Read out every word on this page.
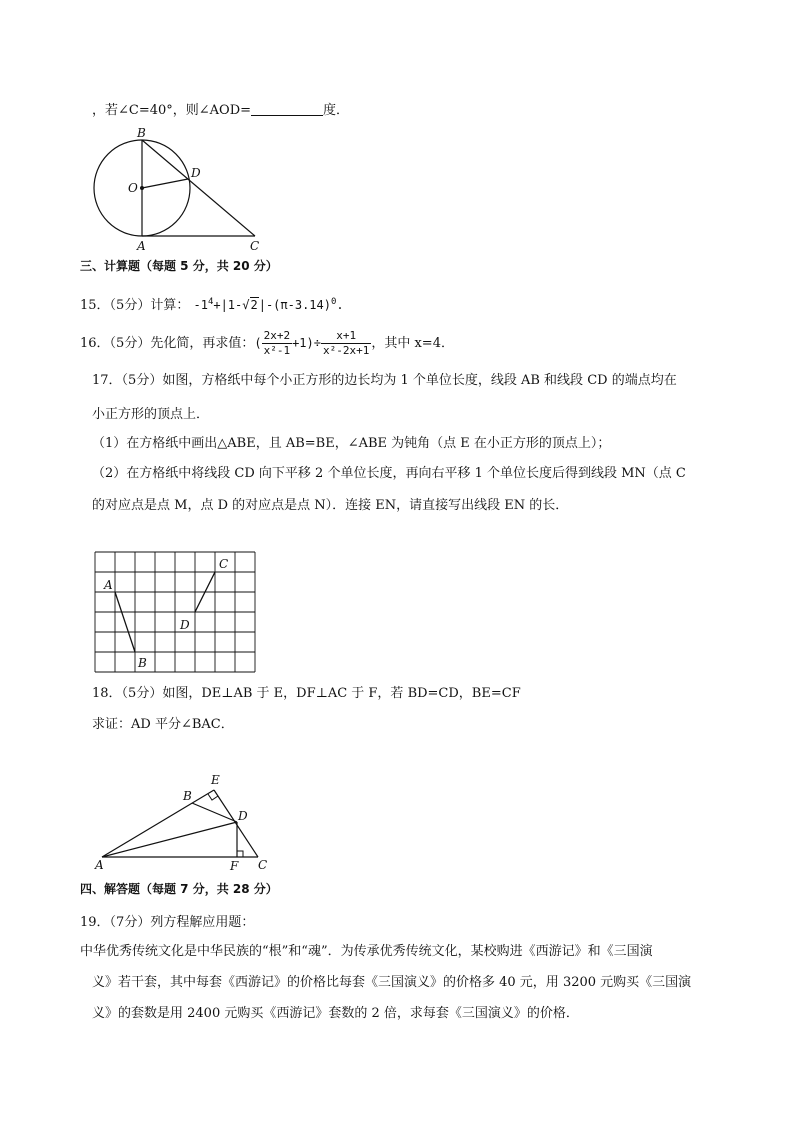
，若∠C=40°，则∠AOD=	度．
B
O
D
A	C
三、计算题（每题 5 分，共 20 分）
15．（5分）计算： $-1^4+|1-√2|-(\pi-3.14)^0$.
16．（5分）先化简，再求值：( $\frac{2x+2}{\text{x²-1}} +1)\div \frac{x+1}{\text{x²-2x+1}}$ ，其中 x=4．
17．（5分）如图，方格纸中每个小正方形的边长均为 1 个单位长度，线段 AB 和线段 CD 的端点均在
小正方形的顶点上．
（1）在方格纸中画出△ABE，且 AB=BE，∠ABE 为钝角（点 E 在小正方形的顶点上）；
（2）在方格纸中将线段 CD 向下平移 2 个单位长度，再向右平移 1 个单位长度后得到线段 MN（点 C
的对应点是点 M，点 D 的对应点是点 N）．连接 EN，请直接写出线段 EN 的长．
C
A
D
B
18．（5分）如图，DE⊥AB 于 E，DF⊥AC 于 F，若 BD=CD，BE=CF
求证：AD 平分∠BAC．
E
B
D
A	F C
四、解答题（每题 7 分，共 28 分）
19．（7分）列方程解应用题：
中华优秀传统文化是中华民族的“根”和“魂”．为传承优秀传统文化，某校购进《西游记》和《三国演
义》若干套，其中每套《西游记》的价格比每套《三国演义》的价格多 40 元，用 3200 元购买《三国演
义》的套数是用 2400 元购买《西游记》套数的 2 倍，求每套《三国演义》的价格．
